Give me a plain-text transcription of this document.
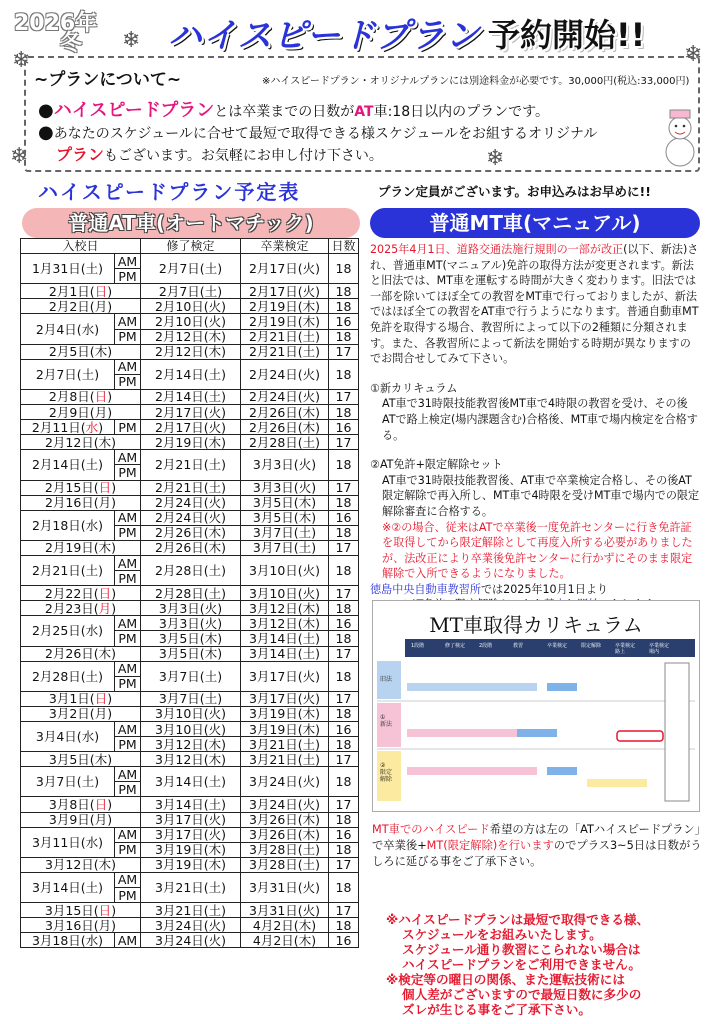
2026年
冬	ハイスピードプラン 予約開始!!
❄
❄	❄
❄	❄
~プランについて~	※ハイスピードプラン・オリジナルプランには別途料金が必要です。30,000円(税込:33,000円)
●ハイスピードプランとは卒業までの日数がAT車:18日以内のプランです。
●あなたのスケジュールに合せて最短で取得できる様スケジュールをお組するオリジナル
プランもございます。お気軽にお申し付け下さい。
ハイスピードプラン予定表	プラン定員がございます。お申込みはお早めに!!
普通AT車(オートマチック)	普通MT車(マニュアル)
入校日		修了検定	卒業検定	日数
1月31日(土)	AM	2月7日(土)	2月17日(火)	18
	PM			
2月1日(日)		2月7日(土)	2月17日(火)	18
2月2日(月)		2月10日(火)	2月19日(木)	18
2月4日(水)	AM	2月10日(火)	2月19日(木)	16
	PM	2月12日(木)	2月21日(土)	18
2月5日(木)		2月12日(木)	2月21日(土)	17
2月7日(土)	AM	2月14日(土)	2月24日(火)	18
	PM			
2月8日(日)		2月14日(土)	2月24日(火)	17
2月9日(月)		2月17日(火)	2月26日(木)	18
2月11日(水)	PM	2月17日(火)	2月26日(木)	16
2月12日(木)		2月19日(木)	2月28日(土)	17
2月14日(土)	AM	2月21日(土)	3月3日(火)	18
	PM			
2月15日(日)		2月21日(土)	3月3日(火)	17
2月16日(月)		2月24日(火)	3月5日(木)	18
2月18日(水)	AM	2月24日(火)	3月5日(木)	16
	PM	2月26日(木)	3月7日(土)	18
2月19日(木)		2月26日(木)	3月7日(土)	17
2月21日(土)	AM	2月28日(土)	3月10日(火)	18
	PM			
2月22日(日)		2月28日(土)	3月10日(火)	17
2月23日(月)		3月3日(火)	3月12日(木)	18
2月25日(水)	AM	3月3日(火)	3月12日(木)	16
	PM	3月5日(木)	3月14日(土)	18
2月26日(木)		3月5日(木)	3月14日(土)	17
2月28日(土)	AM	3月7日(土)	3月17日(火)	18
	PM			
3月1日(日)		3月7日(土)	3月17日(火)	17
3月2日(月)		3月10日(火)	3月19日(木)	18
3月4日(水)	AM	3月10日(火)	3月19日(木)	16
	PM	3月12日(木)	3月21日(土)	18
3月5日(木)		3月12日(木)	3月21日(土)	17
3月7日(土)	AM	3月14日(土)	3月24日(火)	18
	PM			
3月8日(日)		3月14日(土)	3月24日(火)	17
3月9日(月)		3月17日(火)	3月26日(木)	18
3月11日(水)	AM	3月17日(火)	3月26日(木)	16
	PM	3月19日(木)	3月28日(土)	18
3月12日(木)		3月19日(木)	3月28日(土)	17
3月14日(土)	AM	3月21日(土)	3月31日(火)	18
	PM			
3月15日(日)		3月21日(土)	3月31日(火)	17
3月16日(月)		3月24日(火)	4月2日(木)	18
3月18日(水)	AM	3月24日(火)	4月2日(木)	16

2025年4月1日、道路交通法施行規則の一部が改正(以下、新法)され、普通車MT(マニュアル)免許の取得方法が変更されます。新法と旧法では、MT車を運転する時間が大きく変わります。旧法では一部を除いてほぼ全ての教習をMT車で行っておりましたが、新法ではほぼ全ての教習をAT車で行うようになります。普通自動車MT免許を取得する場合、教習所によって以下の2種類に分類されます。また、各教習所によって新法を開始する時期が異なりますのでお問合せしてみて下さい。

①新カリキュラム

AT車で31時限技能教習後MT車で4時限の教習を受け、その後ATで路上検定(場内課題含む)合格後、MT車で場内検定を合格する。

②AT免許+限定解除セット

AT車で31時限技能教習後、AT車で卒業検定合格し、その後AT限定解除で再入所し、MT車で4時限を受けMT車で場内での限定解除審査に合格する。

※②の場合、従来はATで卒業後一度免許センターに行き免許証を取得してから限定解除として再度入所する必要がありましたが、法改正により卒業後免許センターに行かずにそのまま限定解除で入所できるようになりました。

徳島中央自動車教習所では2025年10月1日より

MT車取得カリキュラム
1段階	修了検定	2段階	教習	卒業検定	限定解除	卒業検定
路上
卒業検定
場内
旧法
①
新法
②
限定
解除
MT車でのハイスピード希望の方は左の「ATハイスピードプラン」で卒業後+MT(限定解除)を行いますのでプラス3~5日は日数がうしろに延びる事をご了承下さい。
※ハイスピードプランは最短で取得できる様、
スケジュールをお組みいたします。
スケジュール通り教習にこられない場合は
ハイスピードプランをご利用できません。
※検定等の曜日の関係、また運転技術には
個人差がございますので最短日数に多少の
ズレが生じる事をご了承下さい。
